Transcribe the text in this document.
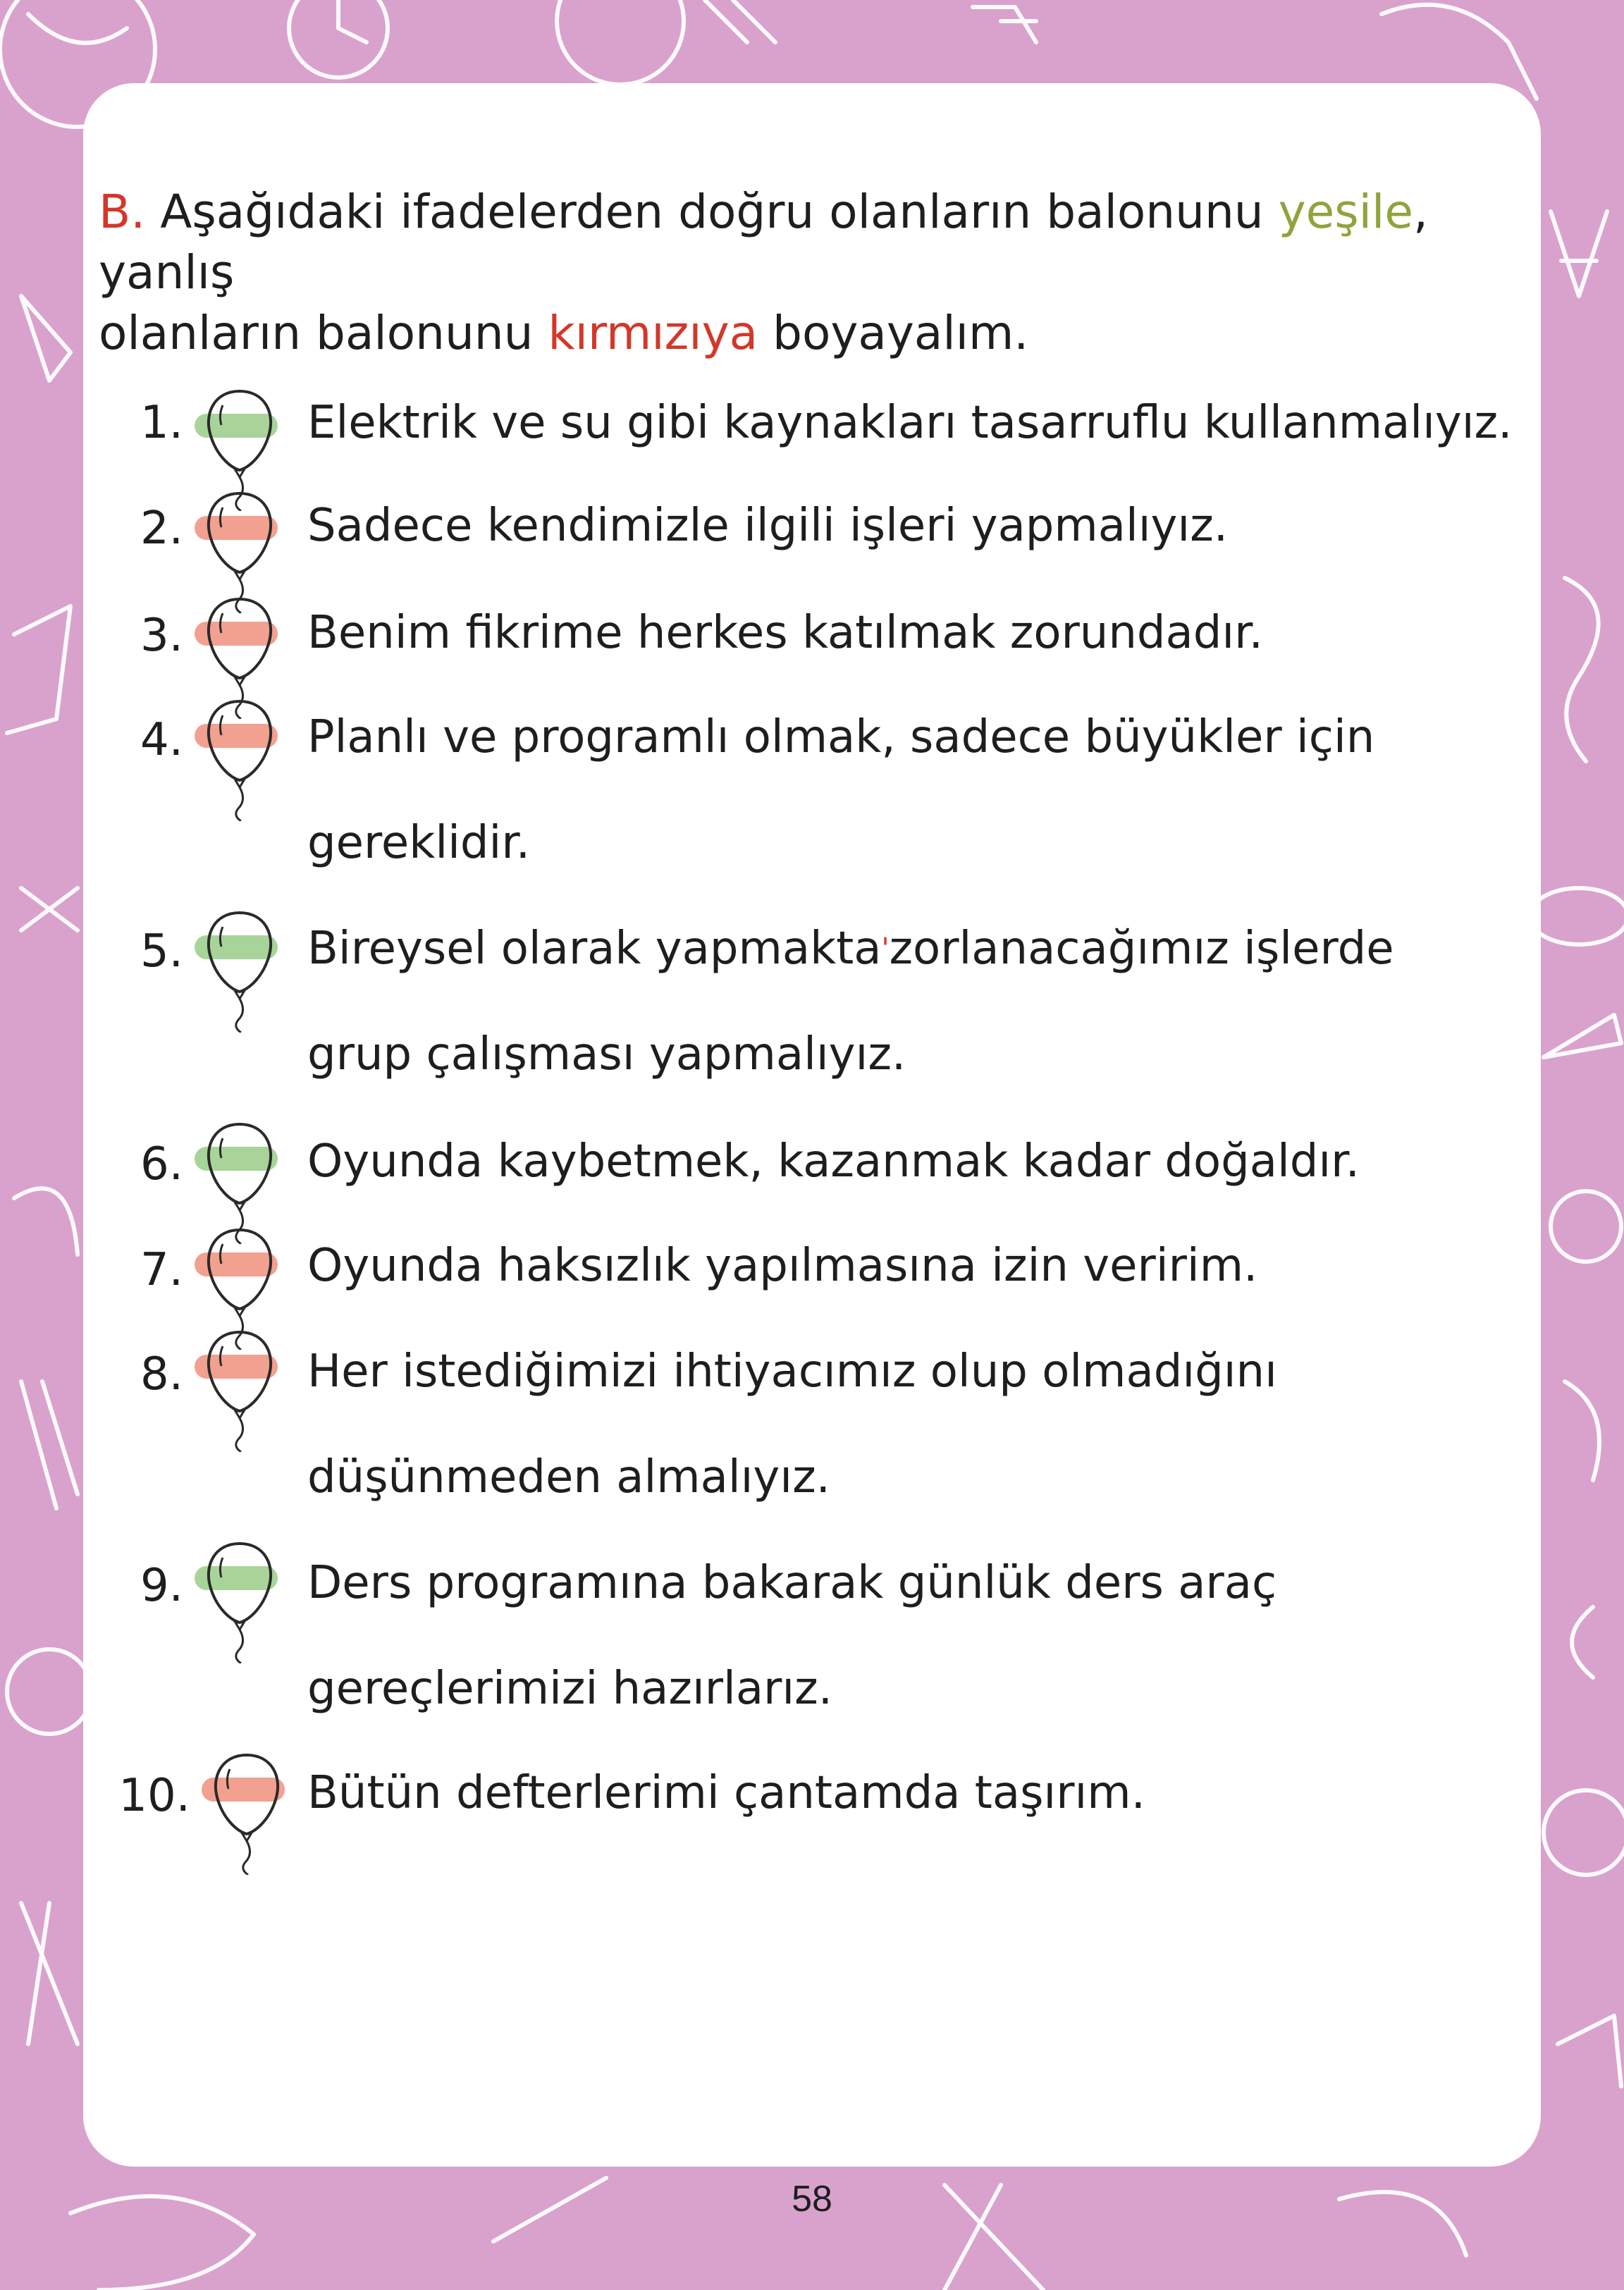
B. Aşağıdaki ifadelerden doğru olanların balonunu yeşile, yanlış
olanların balonunu kırmızıya boyayalım.

1.	Elektrik ve su gibi kaynakları tasarruflu kullanmalıyız.
2.	Sadece kendimizle ilgili işleri yapmalıyız.
3.	Benim fikrime herkes katılmak zorundadır.
4.	Planlı ve programlı olmak, sadece büyükler için
gereklidir.
5.	Bireysel olarak yapmakta'zorlanacağımız işlerde
grup çalışması yapmalıyız.
6.	Oyunda kaybetmek, kazanmak kadar doğaldır.
7.	Oyunda haksızlık yapılmasına izin veririm.
8.	Her istediğimizi ihtiyacımız olup olmadığını
düşünmeden almalıyız.
9.	Ders programına bakarak günlük ders araç
gereçlerimizi hazırlarız.
10.	Bütün defterlerimi çantamda taşırım.
58
